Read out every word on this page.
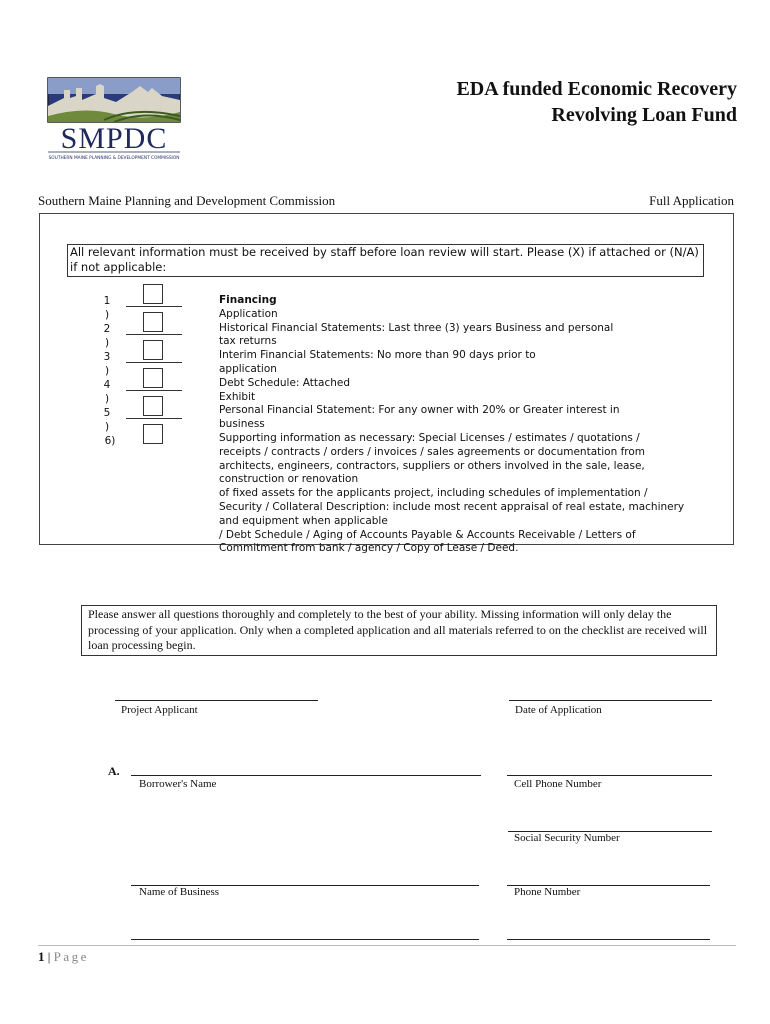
SMPDC
SOUTHERN MAINE PLANNING & DEVELOPMENT COMMISSION
EDA funded Economic Recovery
Revolving Loan Fund
Southern Maine Planning and Development Commission	Full Application
All relevant information must be received by staff before loan review will start. Please (X) if attached or (N/A) if not applicable:
1
)
2
)
3
)
4
)
5
)
6)
Financing
Application
Historical Financial Statements: Last three (3) years Business and personal
tax returns
Interim Financial Statements: No more than 90 days prior to
application
Debt Schedule: Attached
Exhibit
Personal Financial Statement: For any owner with 20% or Greater interest in
business
Supporting information as necessary: Special Licenses / estimates / quotations /
receipts / contracts / orders / invoices / sales agreements or documentation from
architects, engineers, contractors, suppliers or others involved in the sale, lease,
construction or renovation
of fixed assets for the applicants project, including schedules of implementation /
Security / Collateral Description: include most recent appraisal of real estate, machinery
and equipment when applicable
/ Debt Schedule / Aging of Accounts Payable & Accounts Receivable / Letters of
Commitment from bank / agency / Copy of Lease / Deed.
Please answer all questions thoroughly and completely to the best of your ability. Missing information will only delay the processing of your application. Only when a completed application and all materials referred to on the checklist are received will loan processing begin.
Project Applicant	Date of Application
A.
Borrower's Name	Cell Phone Number
Social Security Number
Name of Business	Phone Number
1 | Page
